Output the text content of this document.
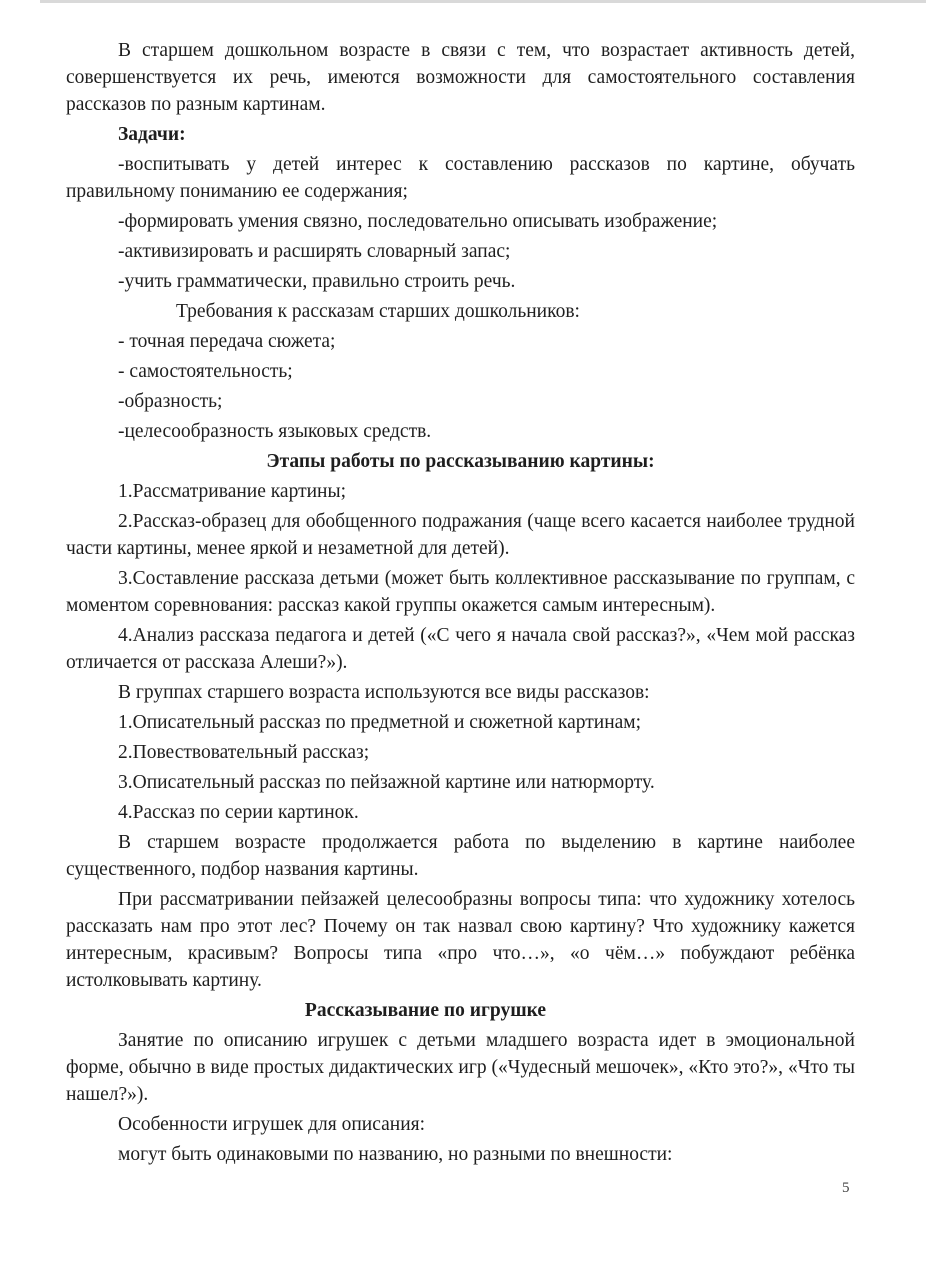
В старшем дошкольном возрасте в связи с тем, что возрастает активность детей, совершенствуется их речь, имеются возможности для самостоятельного составления рассказов по разным картинам.

Задачи:

-воспитывать у детей интерес к составлению рассказов по картине, обучать правильному пониманию ее содержания;

-формировать умения связно, последовательно описывать изображение;

-активизировать и расширять словарный запас;

-учить грамматически, правильно строить речь.

Требования к рассказам старших дошкольников:

- точная передача сюжета;

- самостоятельность;

-образность;

-целесообразность языковых средств.

Этапы работы по рассказыванию картины:

1.Рассматривание картины;

2.Рассказ-образец для обобщенного подражания (чаще всего касается наиболее трудной части картины, менее яркой и незаметной для детей).

3.Составление рассказа детьми (может быть коллективное рассказывание по группам, с моментом соревнования: рассказ какой группы окажется самым интересным).

4.Анализ рассказа педагога и детей («С чего я начала свой рассказ?», «Чем мой рассказ отличается от рассказа Алеши?»).

В группах старшего возраста используются все виды рассказов:

1.Описательный рассказ по предметной и сюжетной картинам;

2.Повествовательный рассказ;

3.Описательный рассказ по пейзажной картине или натюрморту.

4.Рассказ по серии картинок.

В старшем возрасте продолжается работа по выделению в картине наиболее существенного, подбор названия картины.

При рассматривании пейзажей целесообразны вопросы типа: что художнику хотелось рассказать нам про этот лес? Почему он так назвал свою картину? Что художнику кажется интересным, красивым? Вопросы типа «про что…», «о чём…» побуждают ребёнка истолковывать картину.

Рассказывание по игрушке

Занятие по описанию игрушек с детьми младшего возраста идет в эмоциональной форме, обычно в виде простых дидактических игр («Чудесный мешочек», «Кто это?», «Что ты нашел?»).

Особенности игрушек для описания:

могут быть одинаковыми по названию, но разными по внешности:

5
